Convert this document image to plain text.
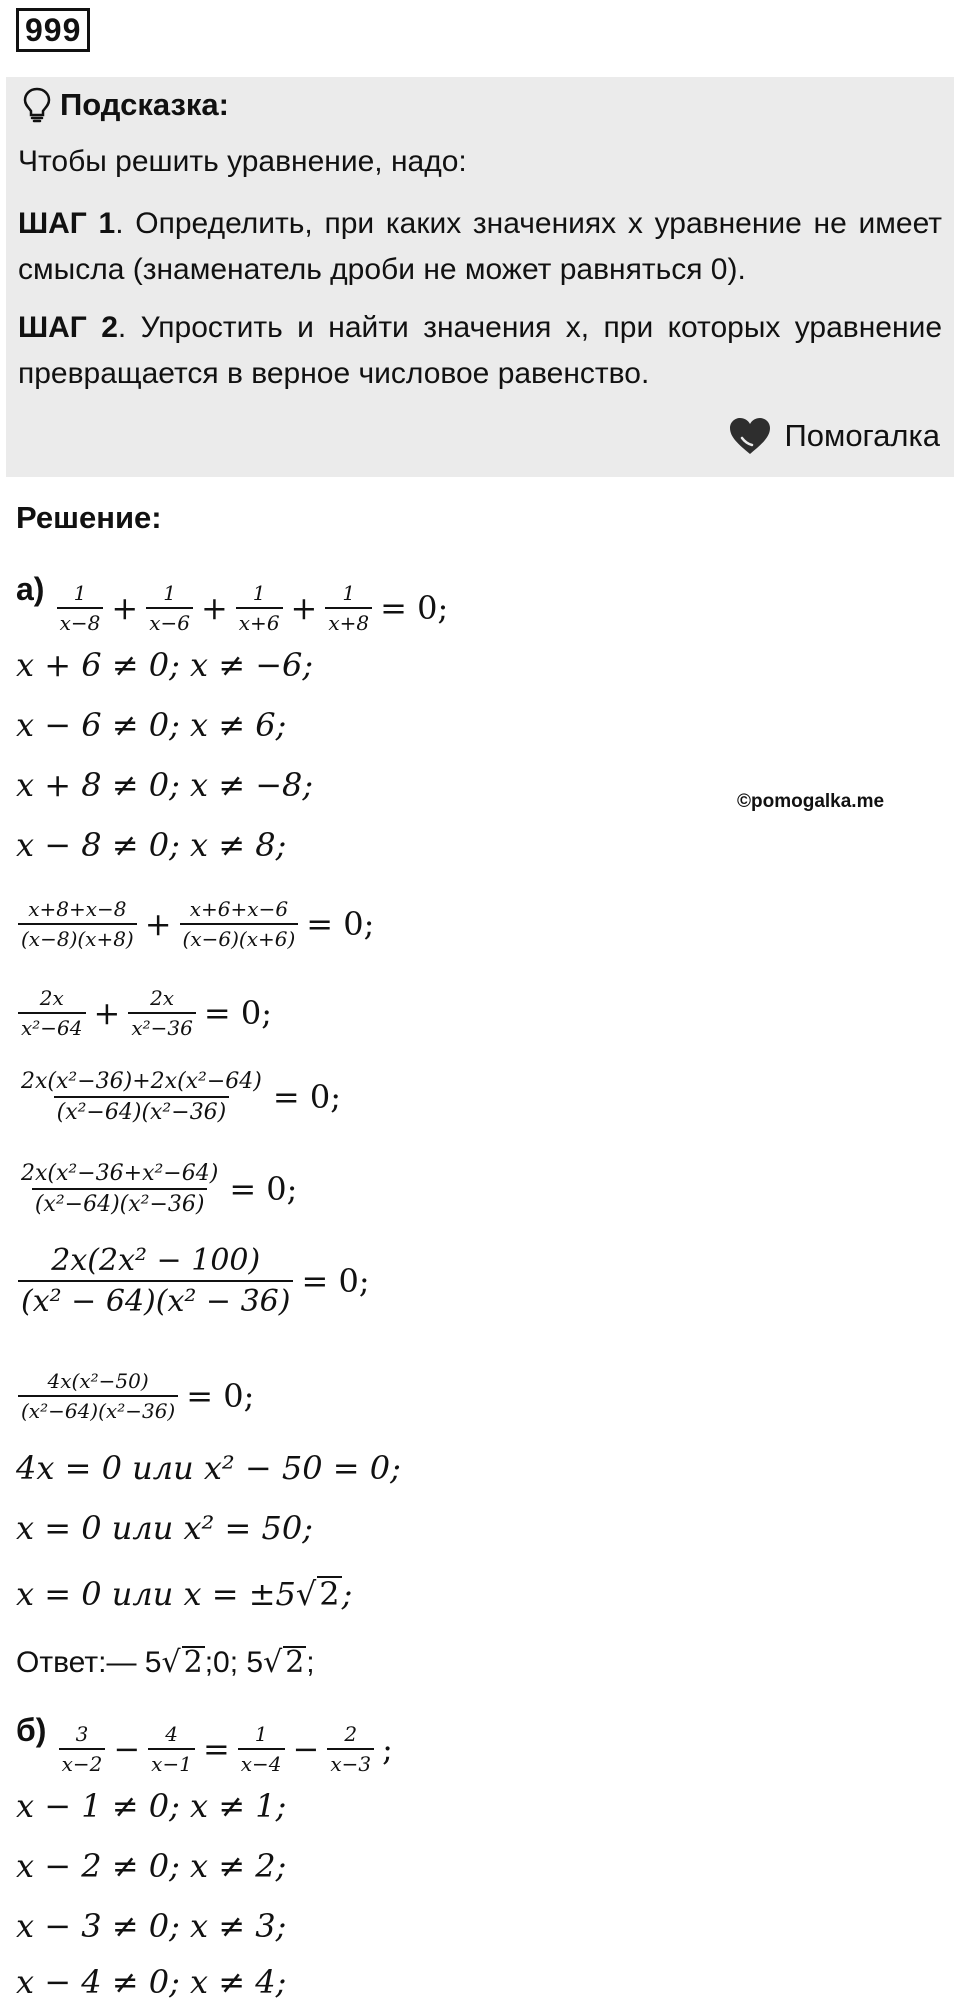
999
Подсказка:
Чтобы решить уравнение, надо:
ШАГ 1. Определить, при каких значениях x уравнение не имеет смысла (знаменатель дроби не может равняться 0).
ШАГ 2. Упростить и найти значения x, при которых уравнение превращается в верное числовое равенство.
Помогалка
Решение:
©pomogalka.me
$а) \frac{1}{x-8} + \frac{1}{x-6} + \frac{1}{x+6} + \frac{1}{x+8} = 0$;
x + 6 ≠ 0; x ≠ −6;
x − 6 ≠ 0; x ≠ 6;
x + 8 ≠ 0; x ≠ −8;
x − 8 ≠ 0; x ≠ 8;
$\frac{x+8+x-8}{(x-8)(x+8)} + \frac{x+6+x-6}{(x-6)(x+6)} = 0$;
$\frac{2x}{\text{x²−64}} + \frac{2x}{\text{x²−36}} = 0$;
$\frac{\text{2x(x²−36)+2x(x²−64)}}{\text{(x²−64)(x²−36)}} = 0$;
$\frac{\text{2x(x²−36+x²−64)}}{\text{(x²−64)(x²−36)}} = 0$;
$\frac{\text{2x(2x² − 100)}}{\text{(x² − 64)(x² − 36)}} = 0$;
$\frac{\text{4x(x²−50)}}{\text{(x²−64)(x²−36)}} = 0$;
4x = 0 или x² − 50 = 0;
x = 0 или x² = 50;
x = 0 или x = ±5√2;
Ответ:— 5√ 2;0; 5√ 2;
$б) \frac{3}{x-2} - \frac{4}{x-1} = \frac{1}{x-4} - \frac{2}{x-3}$ ;
x − 1 ≠ 0; x ≠ 1;
x − 2 ≠ 0; x ≠ 2;
x − 3 ≠ 0; x ≠ 3;
x − 4 ≠ 0; x ≠ 4;
